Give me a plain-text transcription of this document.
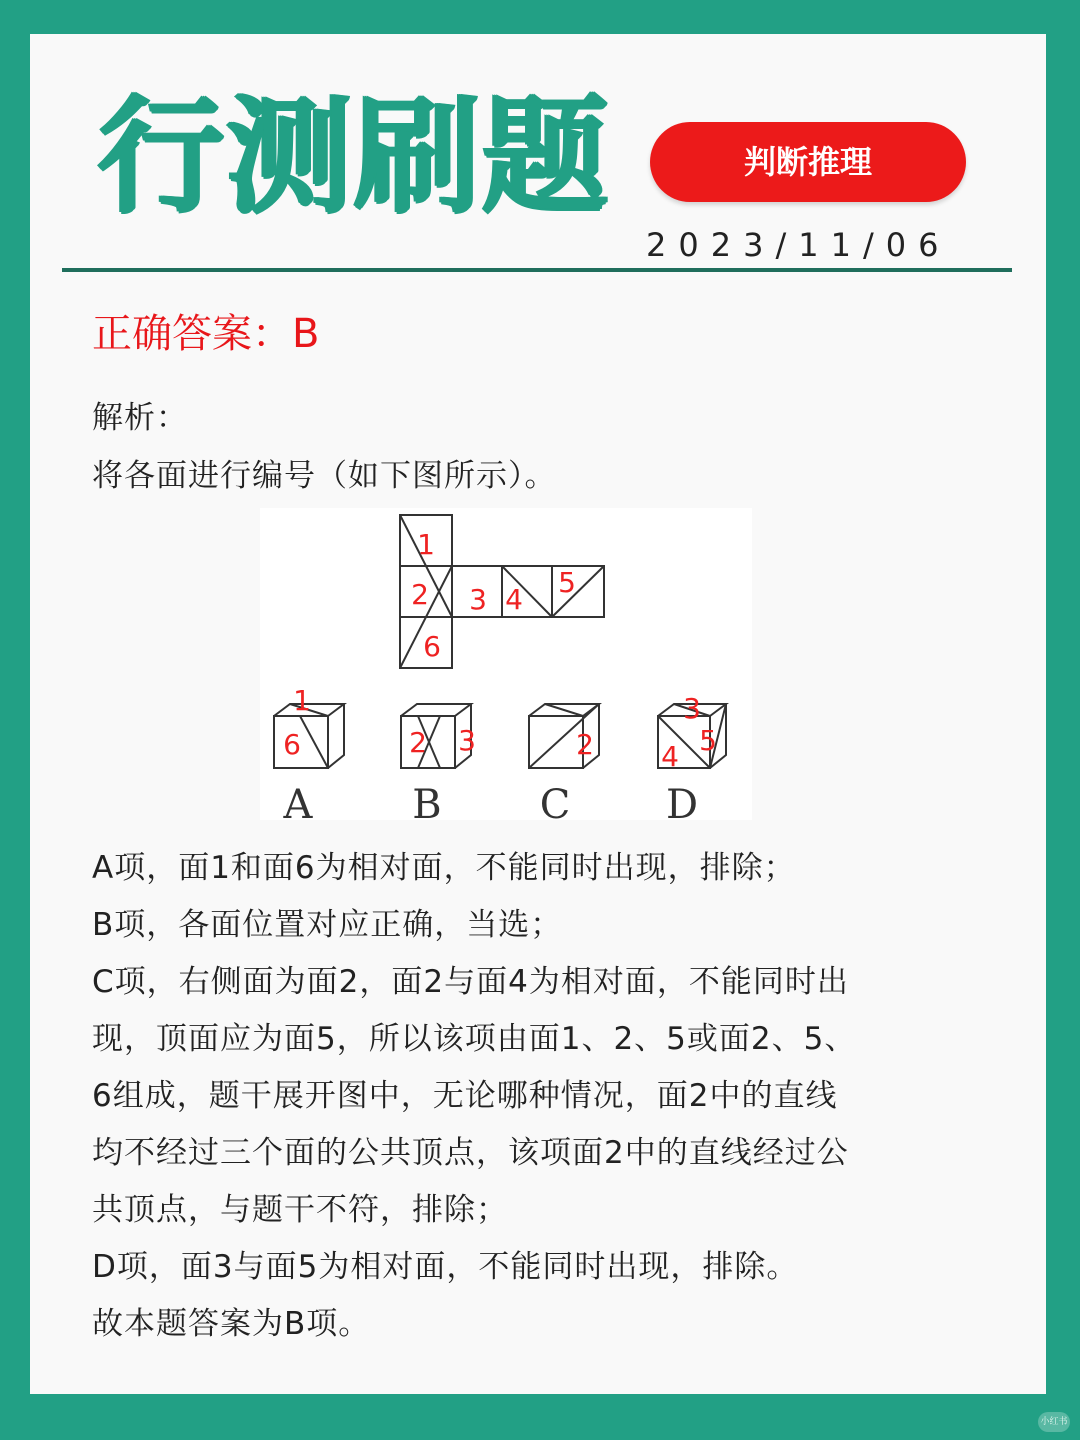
行测刷题	判断推理
2023/11/06
正确答案：B
解析：
将各面进行编号（如下图所示）。
1
2 3 4
5
6
1
6	2 3	2
3
4 5
A B C D

A项，面1和面6为相对面，不能同时出现，排除；

B项，各面位置对应正确，当选；

C项，右侧面为面2，面2与面4为相对面，不能同时出

现，顶面应为面5，所以该项由面1、2、5或面2、5、

6组成，题干展开图中，无论哪种情况，面2中的直线

均不经过三个面的公共顶点，该项面2中的直线经过公

共顶点，与题干不符，排除；

D项，面3与面5为相对面，不能同时出现，排除。

故本题答案为B项。

小红书
